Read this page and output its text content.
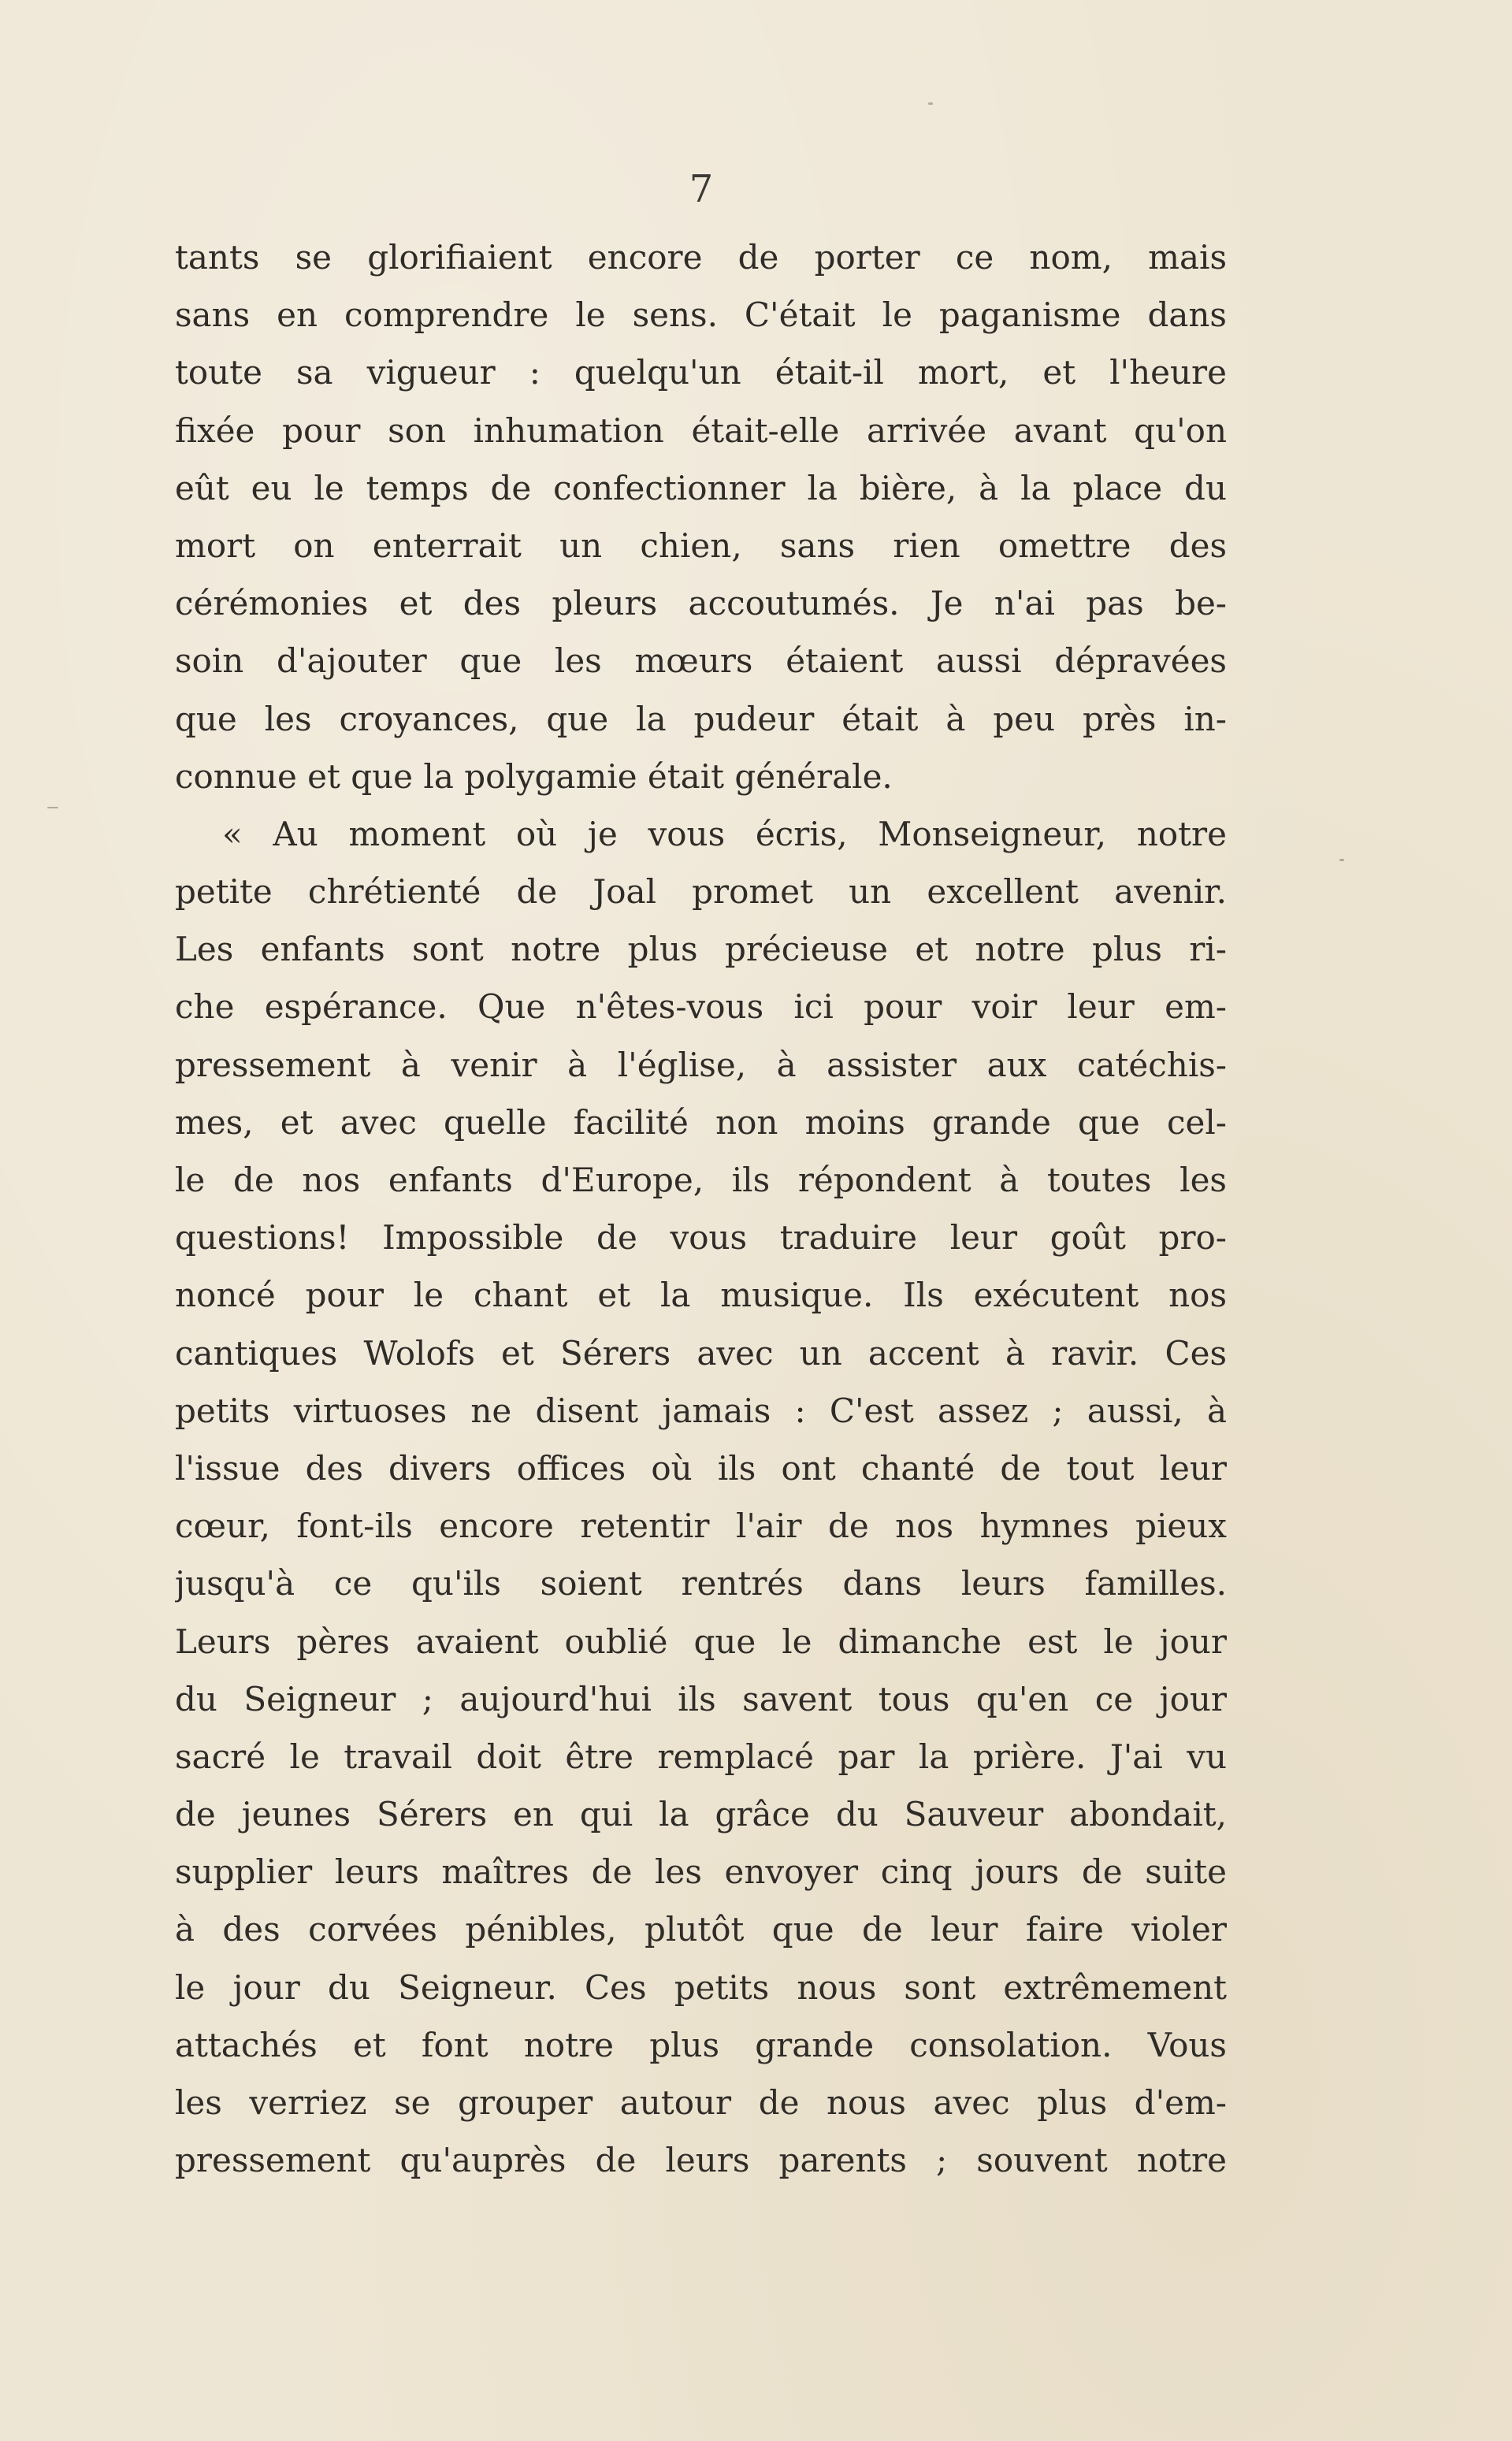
7
tants se glorifiaient encore de porter ce nom, mais
sans en comprendre le sens. C'était le paganisme dans
toute sa vigueur : quelqu'un était-il mort, et l'heure
fixée pour son inhumation était-elle arrivée avant qu'on
eût eu le temps de confectionner la bière, à la place du
mort on enterrait un chien, sans rien omettre des
cérémonies et des pleurs accoutumés. Je n'ai pas be-
soin d'ajouter que les mœurs étaient aussi dépravées
que les croyances, que la pudeur était à peu près in-
connue et que la polygamie était générale.
« Au moment où je vous écris, Monseigneur, notre
petite chrétienté de Joal promet un excellent avenir.
Les enfants sont notre plus précieuse et notre plus ri-
che espérance. Que n'êtes-vous ici pour voir leur em-
pressement à venir à l'église, à assister aux catéchis-
mes, et avec quelle facilité non moins grande que cel-
le de nos enfants d'Europe, ils répondent à toutes les
questions! Impossible de vous traduire leur goût pro-
noncé pour le chant et la musique. Ils exécutent nos
cantiques Wolofs et Sérers avec un accent à ravir. Ces
petits virtuoses ne disent jamais : C'est assez ; aussi, à
l'issue des divers offices où ils ont chanté de tout leur
cœur, font-ils encore retentir l'air de nos hymnes pieux
jusqu'à ce qu'ils soient rentrés dans leurs familles.
Leurs pères avaient oublié que le dimanche est le jour
du Seigneur ; aujourd'hui ils savent tous qu'en ce jour
sacré le travail doit être remplacé par la prière. J'ai vu
de jeunes Sérers en qui la grâce du Sauveur abondait,
supplier leurs maîtres de les envoyer cinq jours de suite
à des corvées pénibles, plutôt que de leur faire violer
le jour du Seigneur. Ces petits nous sont extrêmement
attachés et font notre plus grande consolation. Vous
les verriez se grouper autour de nous avec plus d'em-
pressement qu'auprès de leurs parents ; souvent notre
